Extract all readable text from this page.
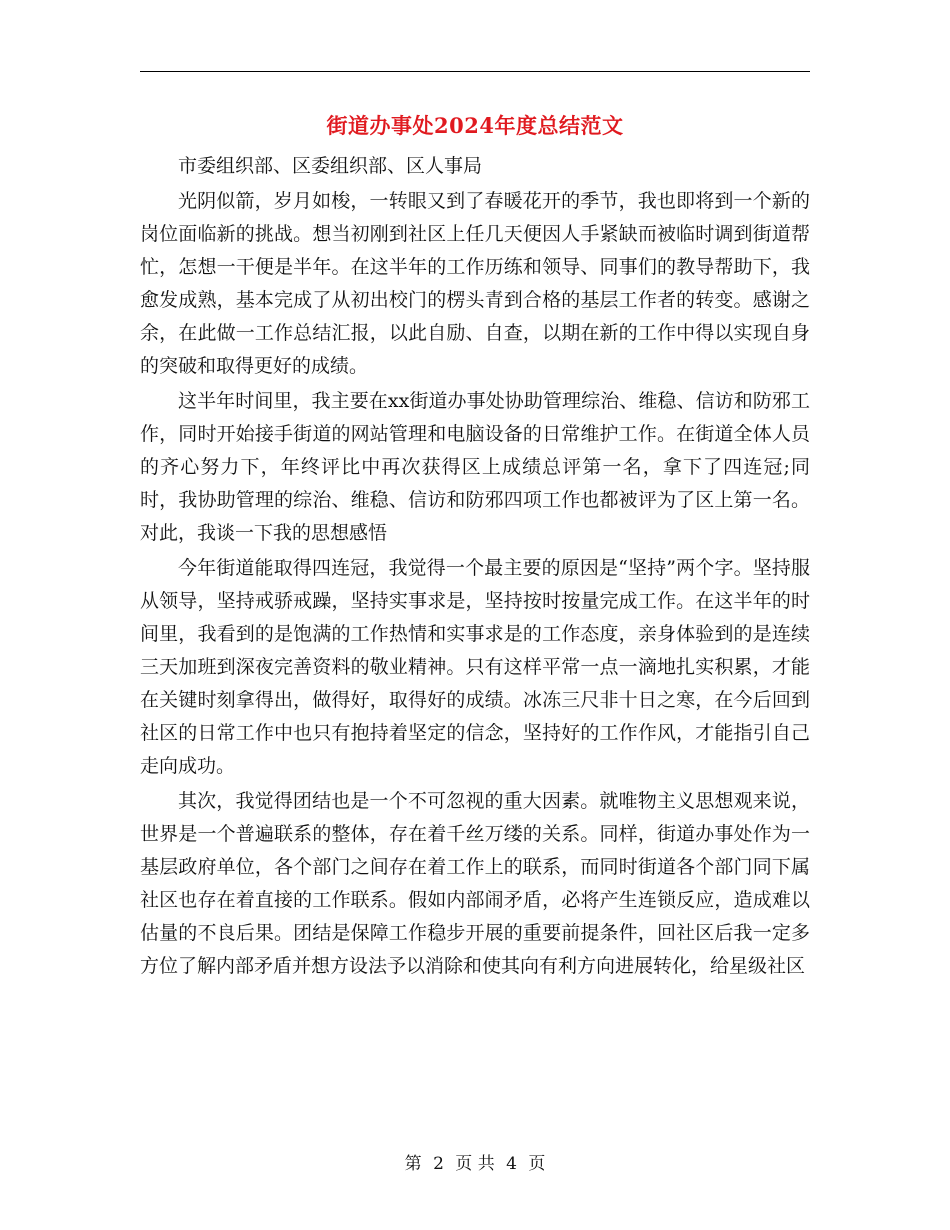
街道办事处2024年度总结范文

市委组织部、区委组织部、区人事局

光阴似箭，岁月如梭，一转眼又到了春暖花开的季节，我也即将到一个新的岗位面临新的挑战。想当初刚到社区上任几天便因人手紧缺而被临时调到街道帮忙，怎想一干便是半年。在这半年的工作历练和领导、同事们的教导帮助下，我愈发成熟，基本完成了从初出校门的楞头青到合格的基层工作者的转变。感谢之余，在此做一工作总结汇报，以此自励、自查，以期在新的工作中得以实现自身的突破和取得更好的成绩。

这半年时间里，我主要在xx街道办事处协助管理综治、维稳、信访和防邪工作，同时开始接手街道的网站管理和电脑设备的日常维护工作。在街道全体人员的齐心努力下，年终评比中再次获得区上成绩总评第一名，拿下了四连冠;同时，我协助管理的综治、维稳、信访和防邪四项工作也都被评为了区上第一名。对此，我谈一下我的思想感悟

今年街道能取得四连冠，我觉得一个最主要的原因是“坚持”两个字。坚持服从领导，坚持戒骄戒躁，坚持实事求是，坚持按时按量完成工作。在这半年的时间里，我看到的是饱满的工作热情和实事求是的工作态度，亲身体验到的是连续三天加班到深夜完善资料的敬业精神。只有这样平常一点一滴地扎实积累，才能在关键时刻拿得出，做得好，取得好的成绩。冰冻三尺非十日之寒，在今后回到社区的日常工作中也只有抱持着坚定的信念，坚持好的工作作风，才能指引自己走向成功。

其次，我觉得团结也是一个不可忽视的重大因素。就唯物主义思想观来说，世界是一个普遍联系的整体，存在着千丝万缕的关系。同样，街道办事处作为一基层政府单位，各个部门之间存在着工作上的联系，而同时街道各个部门同下属社区也存在着直接的工作联系。假如内部闹矛盾，必将产生连锁反应，造成难以估量的不良后果。团结是保障工作稳步开展的重要前提条件，回社区后我一定多方位了解内部矛盾并想方设法予以消除和使其向有利方向进展转化，给星级社区

第 2 页 共 4 页
